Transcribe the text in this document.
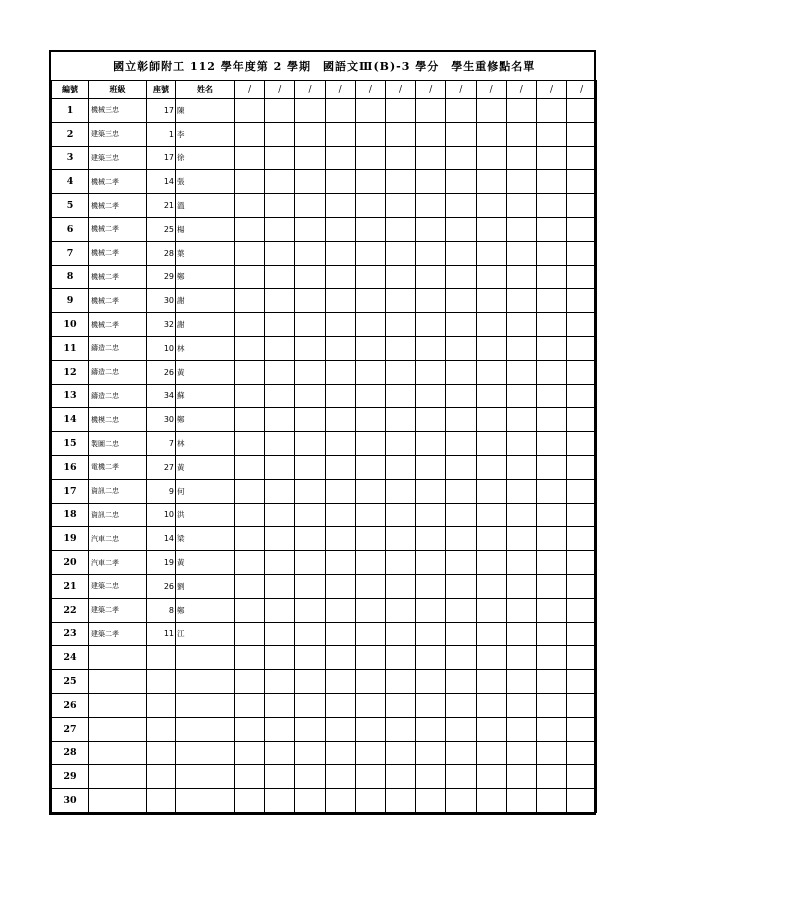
國立彰師附工 112 學年度第 2 學期　國語文Ⅲ(B)-3 學分　學生重修點名單															
編號	班級	座號	姓名	/	/	/	/	/	/	/	/	/	/	/	/
1	機械三忠	17	陳												

2	建築三忠	1	李												

3	建築三忠	17	徐												

4	機械二孝	14	張												

5	機械二孝	21	溫												

6	機械二孝	25	楊												

7	機械二孝	28	葉												

8	機械二孝	29	鄭												

9	機械二孝	30	謝												

10	機械二孝	32	謝												

11	鑄造二忠	10	林												

12	鑄造二忠	26	黃												

13	鑄造二忠	34	蘇												

14	機模二忠	30	鄭												

15	製圖二忠	7	林												

16	電機二孝	27	黃												

17	資訊二忠	9	何												

18	資訊二忠	10	洪												

19	汽車二忠	14	梁												

20	汽車二孝	19	黃												

21	建築二忠	26	劉												

22	建築二孝	8	鄭												

23	建築二孝	11	江												

24			

25			

26			

27			

28			

29			

30			
